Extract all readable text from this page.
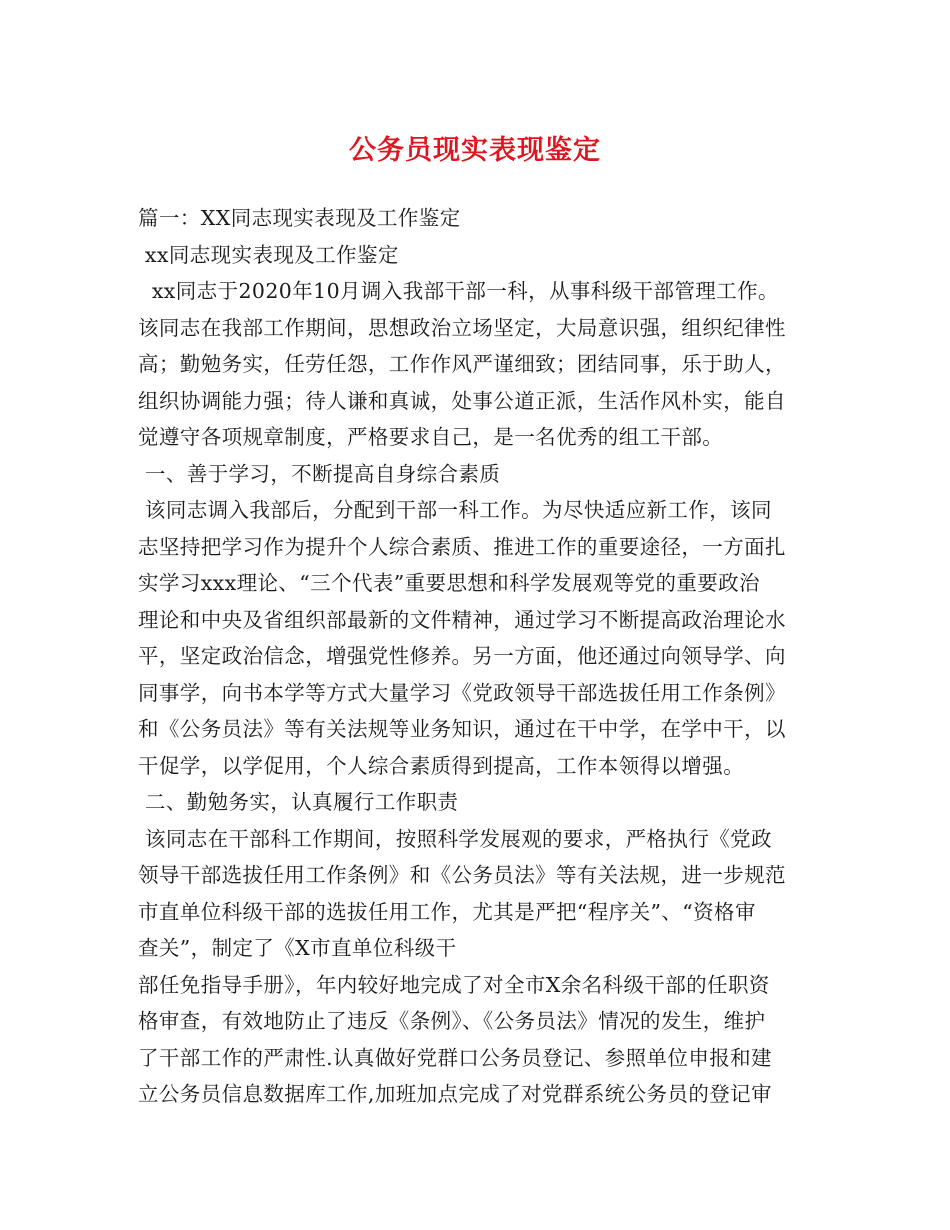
公务员现实表现鉴定
篇一：XX同志现实表现及工作鉴定
xx同志现实表现及工作鉴定
xx同志于2020年10月调入我部干部一科，从事科级干部管理工作。
该同志在我部工作期间，思想政治立场坚定，大局意识强，组织纪律性
高；勤勉务实，任劳任怨，工作作风严谨细致；团结同事，乐于助人，
组织协调能力强；待人谦和真诚，处事公道正派，生活作风朴实，能自
觉遵守各项规章制度，严格要求自己，是一名优秀的组工干部。
一、善于学习，不断提高自身综合素质
该同志调入我部后，分配到干部一科工作。为尽快适应新工作，该同
志坚持把学习作为提升个人综合素质、推进工作的重要途径，一方面扎
实学习xxx理论、“三个代表”重要思想和科学发展观等党的重要政治
理论和中央及省组织部最新的文件精神，通过学习不断提高政治理论水
平，坚定政治信念，增强党性修养。另一方面，他还通过向领导学、向
同事学，向书本学等方式大量学习《党政领导干部选拔任用工作条例》
和《公务员法》等有关法规等业务知识，通过在干中学，在学中干，以
干促学，以学促用，个人综合素质得到提高，工作本领得以增强。
二、勤勉务实，认真履行工作职责
该同志在干部科工作期间，按照科学发展观的要求，严格执行《党政
领导干部选拔任用工作条例》和《公务员法》等有关法规，进一步规范
市直单位科级干部的选拔任用工作，尤其是严把“程序关”、“资格审
查关”，制定了《X市直单位科级干
部任免指导手册》，年内较好地完成了对全市X余名科级干部的任职资
格审查，有效地防止了违反《条例》、《公务员法》情况的发生，维护
了干部工作的严肃性.认真做好党群口公务员登记、参照单位申报和建
立公务员信息数据库工作,加班加点完成了对党群系统公务员的登记审
